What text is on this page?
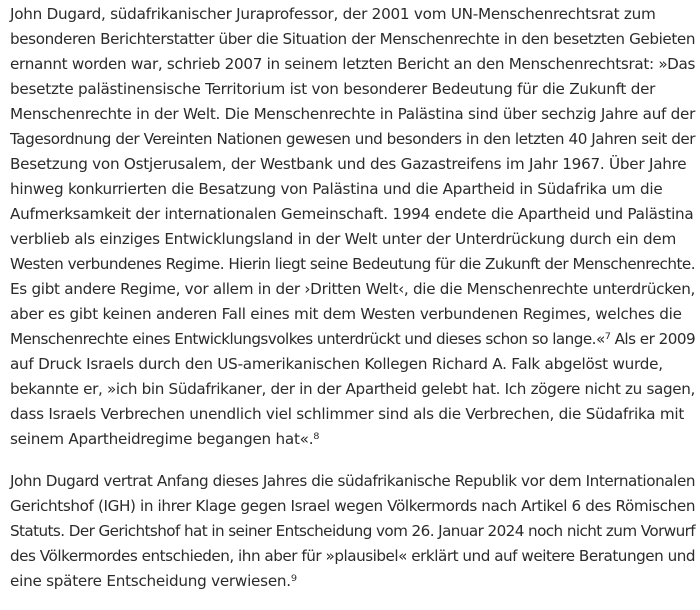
John Dugard, südafrikanischer Juraprofessor, der 2001 vom UN-Menschenrechtsrat zum
besonderen Berichterstatter über die Situation der Menschenrechte in den besetzten Gebieten
ernannt worden war, schrieb 2007 in seinem letzten Bericht an den Menschenrechtsrat: »Das
besetzte palästinensische Territorium ist von besonderer Bedeutung für die Zukunft der
Menschenrechte in der Welt. Die Menschenrechte in Palästina sind über sechzig Jahre auf der
Tagesordnung der Vereinten Nationen gewesen und besonders in den letzten 40 Jahren seit der
Besetzung von Ostjerusalem, der Westbank und des Gazastreifens im Jahr 1967. Über Jahre
hinweg konkurrierten die Besatzung von Palästina und die Apartheid in Südafrika um die
Aufmerksamkeit der internationalen Gemeinschaft. 1994 endete die Apartheid und Palästina
verblieb als einziges Entwicklungsland in der Welt unter der Unterdrückung durch ein dem
Westen verbundenes Regime. Hierin liegt seine Bedeutung für die Zukunft der Menschenrechte.
Es gibt andere Regime, vor allem in der ›Dritten Welt‹, die die Menschenrechte unterdrücken,
aber es gibt keinen anderen Fall eines mit dem Westen verbundenen Regimes, welches die
Menschenrechte eines Entwicklungsvolkes unterdrückt und dieses schon so lange.«⁷ Als er 2009
auf Druck Israels durch den US-amerikanischen Kollegen Richard A. Falk abgelöst wurde,
bekannte er, »ich bin Südafrikaner, der in der Apartheid gelebt hat. Ich zögere nicht zu sagen,
dass Israels Verbrechen unendlich viel schlimmer sind als die Verbrechen, die Südafrika mit
seinem Apartheidregime begangen hat«.⁸

John Dugard vertrat Anfang dieses Jahres die südafrikanische Republik vor dem Internationalen
Gerichtshof (IGH) in ihrer Klage gegen Israel wegen Völkermords nach Artikel 6 des Römischen
Statuts. Der Gerichtshof hat in seiner Entscheidung vom 26. Januar 2024 noch nicht zum Vorwurf
des Völkermordes entschieden, ihn aber für »plausibel« erklärt und auf weitere Beratungen und
eine spätere Entscheidung verwiesen.⁹
